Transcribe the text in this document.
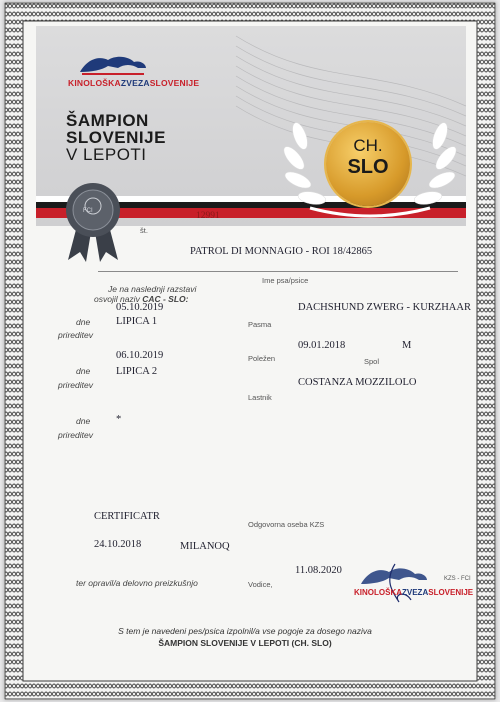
KINOLOŠKAZVEZASLOVENIJE
ŠAMPION
SLOVENIJE
V LEPOTI	CH.
SLO
FCI
št.
12991
PATROL DI MONNAGIO - ROI 18/42865
Ime psa/psice
Je na naslednji razstavi
osvojil naziv CAC - SLO:
05.10.2019
dne LIPICA 1
prireditev
06.10.2019
dne LIPICA 2
prireditev
dne *
prireditev
DACHSHUND ZWERG - KURZHAAR
Pasma
09.01.2018	M
Poležen	Spol
COSTANZA MOZZILOLO
Lastnik
CERTIFICATR
Odgovorna oseba KZS
24.10.2018	MILANOQ
11.08.2020
ter opravil/a delovno preizkušnjo	Vodice,
KINOLOŠKAZVEZASLOVENIJE
KZS - FCI
S tem je navedeni pes/psica izpolnil/a vse pogoje za dosego naziva
ŠAMPION SLOVENIJE V LEPOTI (CH. SLO)
